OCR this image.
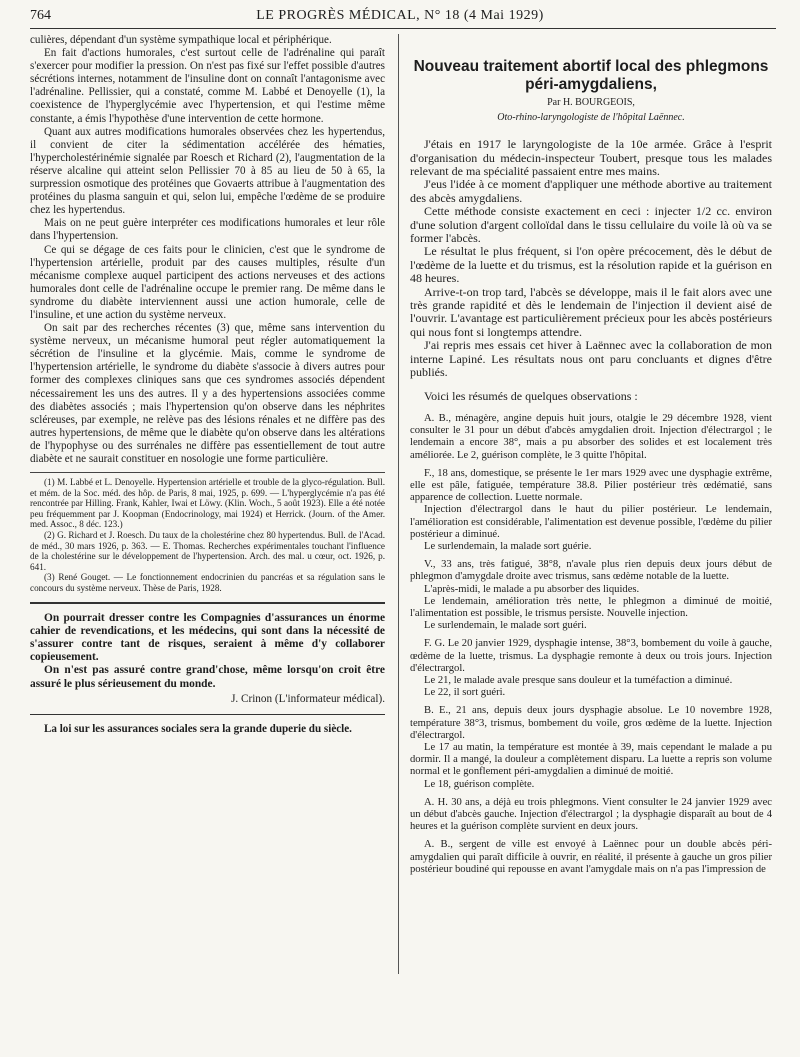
764	LE PROGRÈS MÉDICAL, N° 18 (4 Mai 1929)

culières, dépendant d'un système sympathique local et périphérique.

En fait d'actions humorales, c'est surtout celle de l'adrénaline qui paraît s'exercer pour modifier la pression. On n'est pas fixé sur l'effet possible d'autres sécrétions internes, notamment de l'insuline dont on connaît l'antagonisme avec l'adrénaline. Pellissier, qui a constaté, comme M. Labbé et Denoyelle (1), la coexistence de l'hyperglycémie avec l'hypertension, et qui l'estime même constante, a émis l'hypothèse d'une intervention de cette hormone.

Quant aux autres modifications humorales observées chez les hypertendus, il convient de citer la sédimentation accélérée des hématies, l'hypercholestérinémie signalée par Roesch et Richard (2), l'augmentation de la réserve alcaline qui atteint selon Pellissier 70 à 85 au lieu de 50 à 65, la surpression osmotique des protéines que Govaerts attribue à l'augmentation des protéines du plasma sanguin et qui, selon lui, empêche l'œdème de se produire chez les hypertendus.

Mais on ne peut guère interpréter ces modifications humorales et leur rôle dans l'hypertension.

Ce qui se dégage de ces faits pour le clinicien, c'est que le syndrome de l'hypertension artérielle, produit par des causes multiples, résulte d'un mécanisme complexe auquel participent des actions nerveuses et des actions humorales dont celle de l'adrénaline occupe le premier rang. De même dans le syndrome du diabète interviennent aussi une action humorale, celle de l'insuline, et une action du système nerveux.

On sait par des recherches récentes (3) que, même sans intervention du système nerveux, un mécanisme humoral peut régler automatiquement la sécrétion de l'insuline et la glycémie. Mais, comme le syndrome de l'hypertension artérielle, le syndrome du diabète s'associe à divers autres pour former des complexes cliniques sans que ces syndromes associés dépendent nécessairement les uns des autres. Il y a des hypertensions associées comme des diabètes associés ; mais l'hypertension qu'on observe dans les néphrites scléreuses, par exemple, ne relève pas des lésions rénales et ne diffère pas des autres hypertensions, de même que le diabète qu'on observe dans les altérations de l'hypophyse ou des surrénales ne diffère pas essentiellement de tout autre diabète et ne saurait constituer en nosologie une forme particulière.

(1) M. Labbé et L. Denoyelle. Hypertension artérielle et trouble de la glyco-régulation. Bull. et mém. de la Soc. méd. des hôp. de Paris, 8 mai, 1925, p. 699. — L'hyperglycémie n'a pas été rencontrée par Hilling. Frank, Kahler, Iwai et Löwy. (Klin. Woch., 5 août 1923). Elle a été notée peu fréquemment par J. Koopman (Endocrinology, mai 1924) et Herrick. (Journ. of the Amer. med. Assoc., 8 déc. 123.)

(2) G. Richard et J. Roesch. Du taux de la cholestérine chez 80 hypertendus. Bull. de l'Acad. de méd., 30 mars 1926, p. 363. — E. Thomas. Recherches expérimentales touchant l'influence de la cholestérine sur le développement de l'hypertension. Arch. des mal. u cœur, oct. 1926, p. 641.

(3) René Gouget. — Le fonctionnement endocrinien du pancréas et sa régulation sans le concours du système nerveux. Thèse de Paris, 1928.

On pourrait dresser contre les Compagnies d'assurances un énorme cahier de revendications, et les médecins, qui sont dans la nécessité de s'assurer contre tant de risques, seraient à même d'y collaborer copieusement.

On n'est pas assuré contre grand'chose, même lorsqu'on croit être assuré le plus sérieusement du monde.

J. Crinon (L'informateur médical).

La loi sur les assurances sociales sera la grande duperie du siècle.

Nouveau traitement abortif local des phlegmons péri-amygdaliens,
Par H. BOURGEOIS,
Oto-rhino-laryngologiste de l'hôpital Laënnec.

J'étais en 1917 le laryngologiste de la 10e armée. Grâce à l'esprit d'organisation du médecin-inspecteur Toubert, presque tous les malades relevant de ma spécialité passaient entre mes mains.

J'eus l'idée à ce moment d'appliquer une méthode abortive au traitement des abcès amygdaliens.

Cette méthode consiste exactement en ceci : injecter 1/2 cc. environ d'une solution d'argent colloïdal dans le tissu cellulaire du voile là où va se former l'abcès.

Le résultat le plus fréquent, si l'on opère précocement, dès le début de l'œdème de la luette et du trismus, est la résolution rapide et la guérison en 48 heures.

Arrive-t-on trop tard, l'abcès se développe, mais il le fait alors avec une très grande rapidité et dès le lendemain de l'injection il devient aisé de l'ouvrir. L'avantage est particulièrement précieux pour les abcès postérieurs qui nous font si longtemps attendre.

J'ai repris mes essais cet hiver à Laënnec avec la collaboration de mon interne Lapiné. Les résultats nous ont paru concluants et dignes d'être publiés.

Voici les résumés de quelques observations :

A. B., ménagère, angine depuis huit jours, otalgie le 29 décembre 1928, vient consulter le 31 pour un début d'abcès amygdalien droit. Injection d'électrargol ; le lendemain a encore 38°, mais a pu absorber des solides et est localement très améliorée. Le 2, guérison complète, le 3 quitte l'hôpital.

F., 18 ans, domestique, se présente le 1er mars 1929 avec une dysphagie extrême, elle est pâle, fatiguée, température 38.8. Pilier postérieur très œdématié, sans apparence de collection. Luette normale.

Injection d'électrargol dans le haut du pilier postérieur. Le lendemain, l'amélioration est considérable, l'alimentation est devenue possible, l'œdème du pilier postérieur a diminué.

Le surlendemain, la malade sort guérie.

V., 33 ans, très fatigué, 38°8, n'avale plus rien depuis deux jours début de phlegmon d'amygdale droite avec trismus, sans œdème notable de la luette.

L'après-midi, le malade a pu absorber des liquides.

Le lendemain, amélioration très nette, le phlegmon a diminué de moitié, l'alimentation est possible, le trismus persiste. Nouvelle injection.

Le surlendemain, le malade sort guéri.

F. G. Le 20 janvier 1929, dysphagie intense, 38°3, bombement du voile à gauche, œdème de la luette, trismus. La dysphagie remonte à deux ou trois jours. Injection d'électrargol.

Le 21, le malade avale presque sans douleur et la tuméfaction a diminué.

Le 22, il sort guéri.

B. E., 21 ans, depuis deux jours dysphagie absolue. Le 10 novembre 1928, température 38°3, trismus, bombement du voile, gros œdème de la luette. Injection d'électrargol.

Le 17 au matin, la température est montée à 39, mais cependant le malade a pu dormir. Il a mangé, la douleur a complètement disparu. La luette a repris son volume normal et le gonflement péri-amygdalien a diminué de moitié.

Le 18, guérison complète.

A. H. 30 ans, a déjà eu trois phlegmons. Vient consulter le 24 janvier 1929 avec un début d'abcès gauche. Injection d'électrargol ; la dysphagie disparaît au bout de 4 heures et la guérison complète survient en deux jours.

A. B., sergent de ville est envoyé à Laënnec pour un double abcès péri-amygdalien qui paraît difficile à ouvrir, en réalité, il présente à gauche un gros pilier postérieur boudiné qui repousse en avant l'amygdale mais on n'a pas l'impression de
